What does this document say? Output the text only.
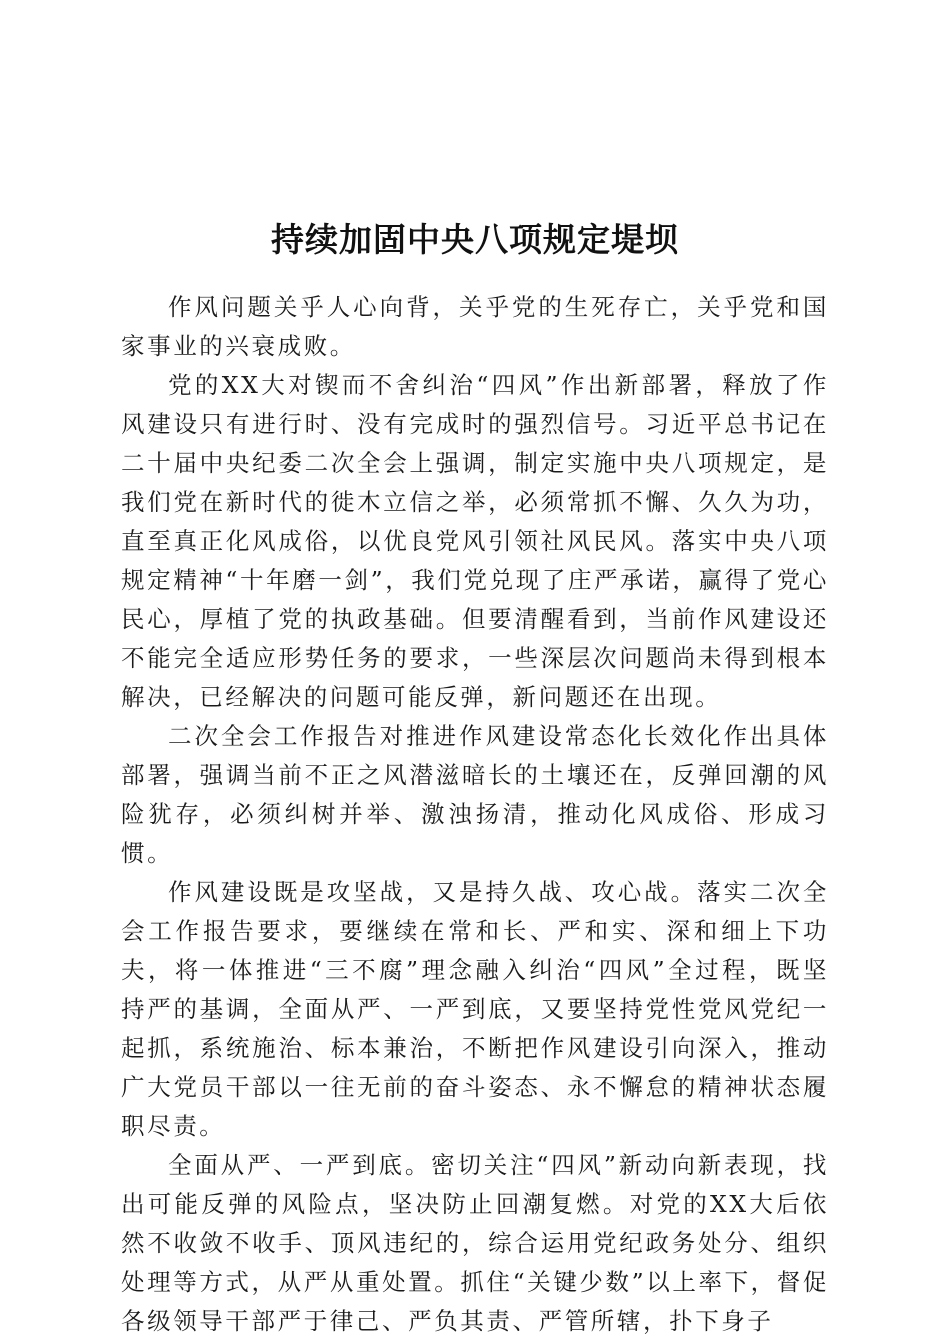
持续加固中央八项规定堤坝

作风问题关乎人心向背，关乎党的生死存亡，关乎党和国家事业的兴衰成败。

党的XX大对锲而不舍纠治“四风”作出新部署，释放了作风建设只有进行时、没有完成时的强烈信号。习近平总书记在二十届中央纪委二次全会上强调，制定实施中央八项规定，是我们党在新时代的徙木立信之举，必须常抓不懈、久久为功，直至真正化风成俗，以优良党风引领社风民风。落实中央八项规定精神“十年磨一剑”，我们党兑现了庄严承诺，赢得了党心民心，厚植了党的执政基础。但要清醒看到，当前作风建设还不能完全适应形势任务的要求，一些深层次问题尚未得到根本解决，已经解决的问题可能反弹，新问题还在出现。

二次全会工作报告对推进作风建设常态化长效化作出具体部署，强调当前不正之风潜滋暗长的土壤还在，反弹回潮的风险犹存，必须纠树并举、激浊扬清，推动化风成俗、形成习惯。

作风建设既是攻坚战，又是持久战、攻心战。落实二次全会工作报告要求，要继续在常和长、严和实、深和细上下功夫，将一体推进“三不腐”理念融入纠治“四风”全过程，既坚持严的基调，全面从严、一严到底，又要坚持党性党风党纪一起抓，系统施治、标本兼治，不断把作风建设引向深入，推动广大党员干部以一往无前的奋斗姿态、永不懈怠的精神状态履职尽责。

全面从严、一严到底。密切关注“四风”新动向新表现，找出可能反弹的风险点，坚决防止回潮复燃。对党的XX大后依然不收敛不收手、顶风违纪的，综合运用党纪政务处分、组织处理等方式，从严从重处置。抓住“关键少数”以上率下，督促各级领导干部严于律己、严负其责、严管所辖，扑下身子
